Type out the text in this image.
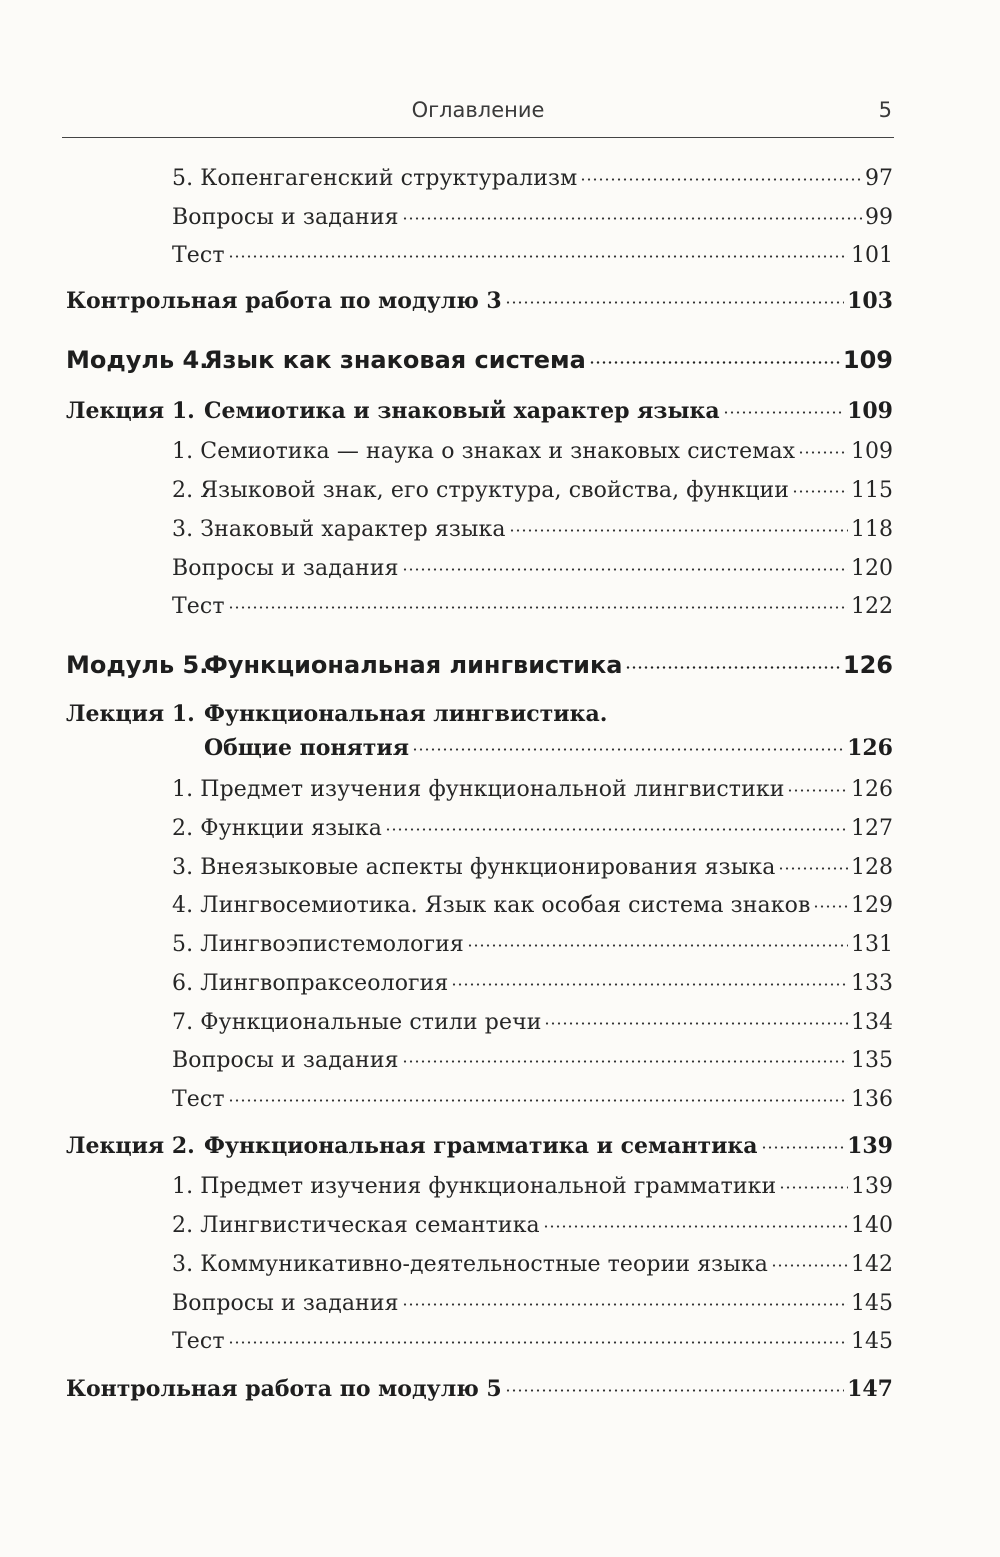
Оглавление	5
5. Копенгагенский структурализм	97
Вопросы и задания	99
Тест	101
Контрольная работа по модулю 3	103
Модуль 4.Язык как знаковая система	109
Лекция 1. Семиотика и знаковый характер языка	109
1. Семиотика — наука о знаках и знаковых системах	109
2. Языковой знак, его структура, свойства, функции	115
3. Знаковый характер языка	118
Вопросы и задания	120
Тест	122
Модуль 5.Функциональная лингвистика	126
Лекция 1. Функциональная лингвистика.
Общие понятия	126
1. Предмет изучения функциональной лингвистики	126
2. Функции языка	127
3. Внеязыковые аспекты функционирования языка	128
4. Лингвосемиотика. Язык как особая система знаков 129
5. Лингвоэпистемология	131
6. Лингвопраксеология	133
7. Функциональные стили речи	134
Вопросы и задания	135
Тест	136
Лекция 2. Функциональная грамматика и семантика	139
1. Предмет изучения функциональной грамматики	139
2. Лингвистическая семантика	140
3. Коммуникативно-деятельностные теории языка	142
Вопросы и задания	145
Тест	145
Контрольная работа по модулю 5	147
